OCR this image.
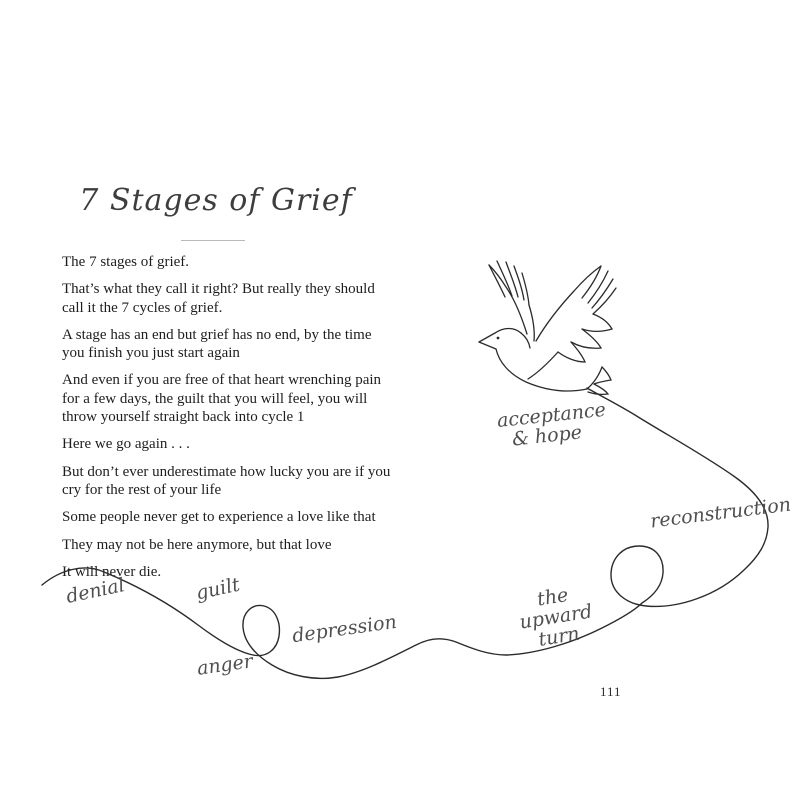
7 Stages of Grief

The 7 stages of grief.

That’s what they call it right? But really they should call it the 7 cycles of grief.

A stage has an end but grief has no end, by the time you finish you just start again

And even if you are free of that heart wrenching pain for a few days, the guilt that you will feel, you will throw yourself straight back into cycle 1

Here we go again . . .

But don’t ever underestimate how lucky you are if you cry for the rest of your life

Some people never get to experience a love like that

They may not be here anymore, but that love

It will never die.

denial	guilt
anger
depression
the upward
turn
reconstruction
acceptance
& hope
111
